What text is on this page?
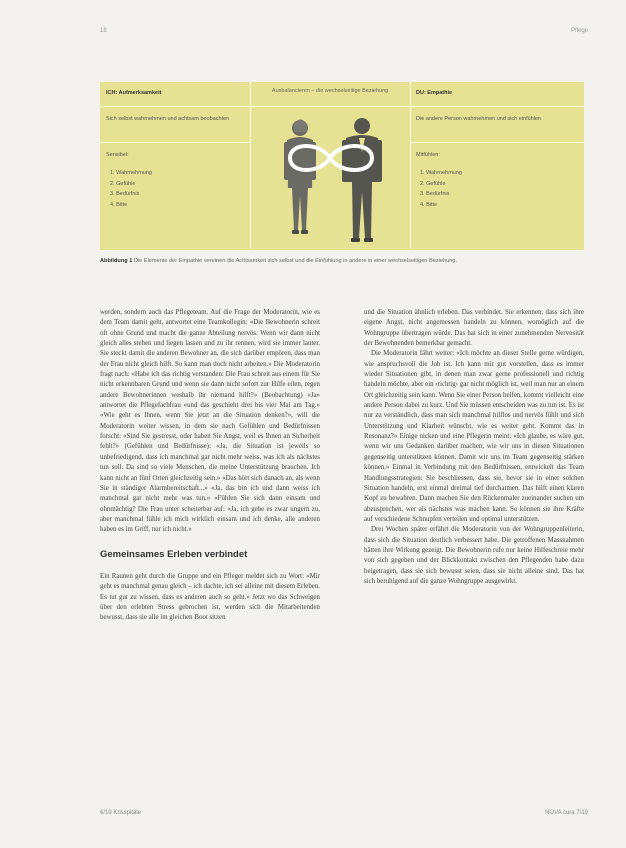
18	Pflege
ICH: Aufmerksamkeit	Ausbalancieren – die wechselseitige Beziehung	DU: Empathie
Sich selbst wahrnehmen und achtsam beobachten	Die andere Person wahrnehmen und sich einfühlen
Sensibel:
1. Wahrnehmung
2. Gefühle
3. Bedürfnis
4. Bitte
Mitfühlen:
1. Wahrnehmung
2. Gefühle
3. Bedürfnis
4. Bitte
Abbildung 1 Die Elemente der Empathie vereinen die Achtsamkeit sich selbst und die Einfühlung in andere in einer wechselseitigen Beziehung.

werden, sondern auch das Pflegeteam. Auf die Frage der Moderatorin, wie es dem Team damit geht, antwortet eine Teamkollegin: «Die Bewohnerin schreit oft ohne Grund und macht die ganze Abteilung nervös. Wenn wir dann nicht gleich alles stehen und liegen lassen und zu ihr rennen, wird sie immer lauter. Sie steckt damit die anderen Bewohner an, die sich darüber empören, dass man der Frau nicht gleich hilft. So kann man doch nicht arbeiten.» Die Moderatorin fragt nach: «Habe ich das richtig verstanden: Die Frau schreit aus einem für Sie nicht erkennbaren Grund und wenn sie dann nicht sofort zur Hilfe eilen, regen andere Bewohnerinnen weshalb ihr niemand hilft?» (Beobachtung) «Ja» antwortet die Pflegefachfrau «und das geschieht drei bis vier Mal am Tag.» «Wie geht es Ihnen, wenn Sie jetzt an die Situation denken?», will die Moderatorin weiter wissen, in dem sie nach Gefühlen und Bedürfnissen forscht: «Sind Sie gestresst, oder haben Sie Angst, weil es Ihnen an Sicherheit fehlt?» (Gefühlen und Bedürfnisse): «Ja, die Situation ist jeweils so unbefriedigend, dass ich manchmal gar nicht mehr weiss, was ich als nächstes tun soll. Da sind so viele Menschen, die meine Unterstützung brauchen. Ich kann nicht an fünf Orten gleichzeitig sein.» «Das hört sich danach an, als wenn Sie in ständiger Alarmbereitschaft...» «Ja, das bin ich und dann weiss ich manchmal gar nicht mehr was tun.» «Fühlen Sie sich dann einsam und ohnmächtig? Die Frau unter scheiterbar auf: «Ja, ich gebe es zwar ungern zu, aber manchmal fühle ich mich wirklich einsam und ich denke, alle anderen haben es im Griff, nur ich nicht.»

Gemeinsames Erleben verbindet

Ein Raunen geht durch die Gruppe und ein Pfleger meldet sich zu Wort: «Mir geht es manchmal genau gleich – ich dachte, ich sei alleine mit diesem Erleben. Es tut gut zu wissen, dass es anderen auch so geht.» Jetzt wo das Schweigen über den erlebten Stress gebrochen ist, werden sich die Mitarbeitenden bewusst, dass sie alle im gleichen Boot sitzen

und die Situation ähnlich erleben. Das verbindet. Sie erkennen, dass sich ihre eigene Angst, nicht angemessen handeln zu können, womöglich auf die Wohngruppe übertragen würde. Das hat sich in einer zunehmenden Nervosität der Bewohnenden bemerkbar gemacht.

Die Moderatorin fährt weiter: «Ich möchte an dieser Stelle gerne würdigen, wie anspruchsvoll die Job ist. Ich kann mir gut vorstellen, dass es immer wieder Situationen gibt, in denen man zwar gerne professionell und richtig handeln möchte, aber ein ‹richtig› gar nicht möglich ist, weil man nur an einem Ort gleichzeitig sein kann. Wenn Sie einer Person helfen, kommt vielleicht eine andere Person dabei zu kurz. Und Sie müssen entscheiden was zu tun ist. Es ist nur zu verständlich, dass man sich manchmal hilflos und nervös fühlt und sich Unterstützung und Klarheit wünscht, wie es weiter geht. Kommt das in Resonanz?» Einige nicken und eine Pflegerin meint: «Ich glaube, es wäre gut, wenn wir uns Gedanken darüber machen, wie wir uns in diesen Situationen gegenseitig unterstützen können. Damit wir uns im Team gegenseitig stärken können.» Einmal in Verbindung mit den Bedürfnissen, entwickelt das Team Handlungsstrategien: Sie beschliessen, dass sie, bevor sie in einer solchen Situation handeln, erst einmal dreimal tief durchatmen. Das hilft einen klaren Kopf zu bewahren. Dann machen Sie den Rückenmaler zueinander suchen um abzusprechen, wer als nächstes was machen kann. So können sie ihre Kräfte auf verschiedene Schnupfen verteilen und optimal unterstützen.

Drei Wochen später erfährt die Moderatorin von der Wohngruppenleiterin, dass sich die Situation deutlich verbessert habe. Die getroffenen Massnahmen hätten ihre Wirkung gezeigt. Die Bewohnerin rufe nur keine Hilfeschreie mehr von sich gegeben und der Blickkontakt zwischen den Pflegenden habe dazu beigetragen, dass sie sich bewusst seien, dass sie nicht alleine sind. Das hat sich beruhigend auf die ganze Wohngruppe ausgewirkt.

6/19 Krisspitäle	NOVA cura 7/19
